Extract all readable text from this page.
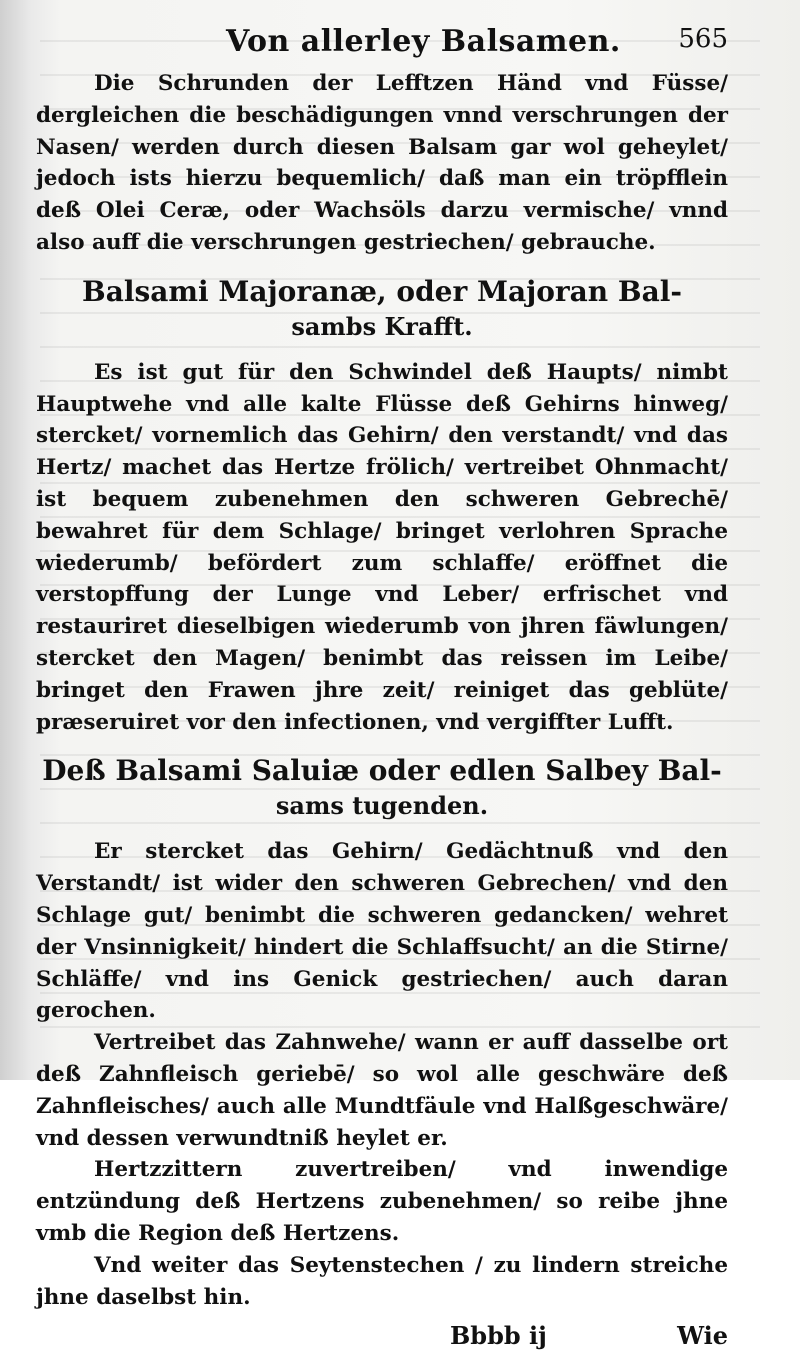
Von allerley Balsamen. 565

Die Schrunden der Lefftzen Händ vnd Füsse/ dergleichen die beschädigungen vnnd verschrungen der Nasen/ werden durch diesen Balsam gar wol geheylet/ jedoch ists hierzu bequemlich/ daß man ein tröpfflein deß Olei Ceræ, oder Wachsöls darzu vermische/ vnnd also auff die verschrungen gestriechen/ gebrauche.

Balsami Majoranæ, oder Majoran Bal-
sambs Krafft.

Es ist gut für den Schwindel deß Haupts/ nimbt Hauptwehe vnd alle kalte Flüsse deß Gehirns hinweg/ stercket/ vornemlich das Gehirn/ den verstandt/ vnd das Hertz/ machet das Hertze frölich/ vertreibet Ohnmacht/ ist bequem zubenehmen den schweren Gebrechē/ bewahret für dem Schlage/ bringet verlohren Sprache wiederumb/ befördert zum schlaffe/ eröffnet die verstopffung der Lunge vnd Leber/ erfrischet vnd restauriret dieselbigen wiederumb von jhren fäwlungen/ stercket den Magen/ benimbt das reissen im Leibe/ bringet den Frawen jhre zeit/ reiniget das geblüte/ præseruiret vor den infectionen, vnd vergiffter Lufft.

Deß Balsami Saluiæ oder edlen Salbey Bal-
sams tugenden.

Er stercket das Gehirn/ Gedächtnuß vnd den Verstandt/ ist wider den schweren Gebrechen/ vnd den Schlage gut/ benimbt die schweren gedancken/ wehret der Vnsinnigkeit/ hindert die Schlaffsucht/ an die Stirne/ Schläffe/ vnd ins Genick gestriechen/ auch daran gerochen.

Vertreibet das Zahnwehe/ wann er auff dasselbe ort deß Zahnfleisch geriebē/ so wol alle geschwäre deß Zahnfleisches/ auch alle Mundtfäule vnd Halßgeschwäre/ vnd dessen verwundtniß heylet er.

Hertzzittern zuvertreiben/ vnd inwendige entzündung deß Hertzens zubenehmen/ so reibe jhne vmb die Region deß Hertzens.

Vnd weiter das Seytenstechen / zu lindern streiche jhne daselbst hin.

Bbbb ij	Wie
